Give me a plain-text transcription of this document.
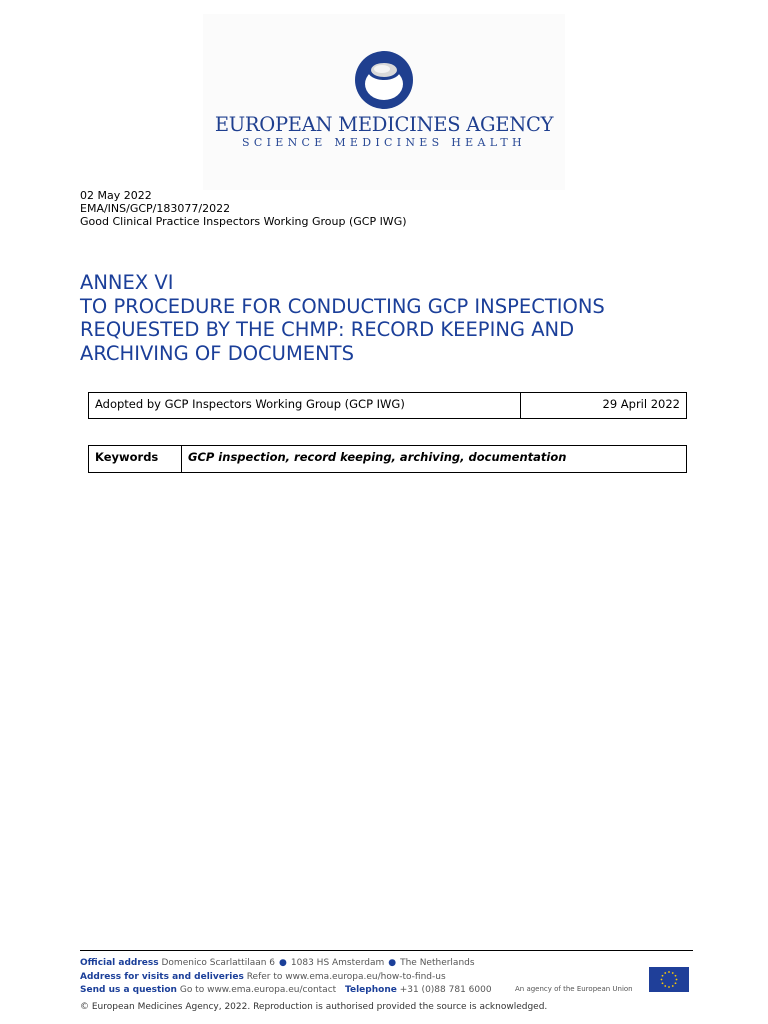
EUROPEAN MEDICINES AGENCY
SCIENCE MEDICINES HEALTH
02 May 2022
EMA/INS/GCP/183077/2022
Good Clinical Practice Inspectors Working Group (GCP IWG)
ANNEX VI
TO PROCEDURE FOR CONDUCTING GCP INSPECTIONS
REQUESTED BY THE CHMP: RECORD KEEPING AND
ARCHIVING OF DOCUMENTS
Adopted by GCP Inspectors Working Group (GCP IWG)	29 April 2022
Keywords	GCP inspection, record keeping, archiving, documentation
Official address Domenico Scarlattilaan 6 ● 1083 HS Amsterdam ● The Netherlands
Address for visits and deliveries Refer to www.ema.europa.eu/how-to-find-us
Send us a question Go to www.ema.europa.eu/contact Telephone +31 (0)88 781 6000	An agency of the European Union
© European Medicines Agency, 2022. Reproduction is authorised provided the source is acknowledged.
